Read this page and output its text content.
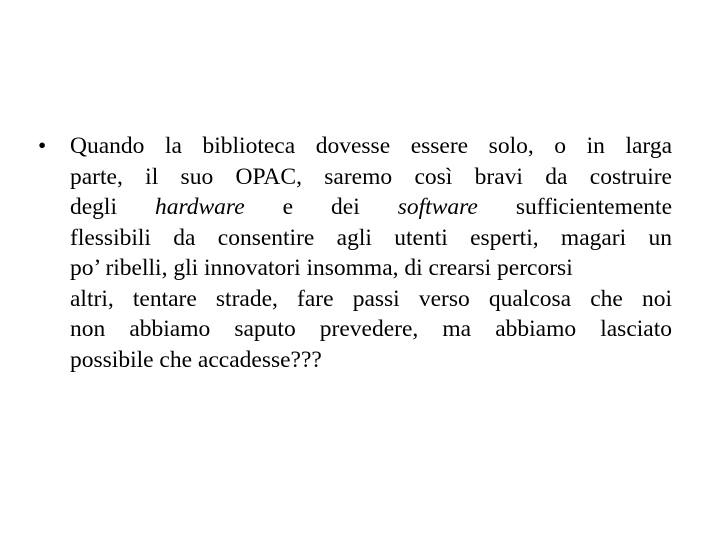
• Quando la biblioteca dovesse essere solo, o in larga
parte, il suo OPAC, saremo così bravi da costruire
degli hardware e dei software sufficientemente
flessibili da consentire agli utenti esperti, magari un
po’ ribelli, gli innovatori insomma, di crearsi percorsi
altri, tentare strade, fare passi verso qualcosa che noi
non abbiamo saputo prevedere, ma abbiamo lasciato
possibile che accadesse???
